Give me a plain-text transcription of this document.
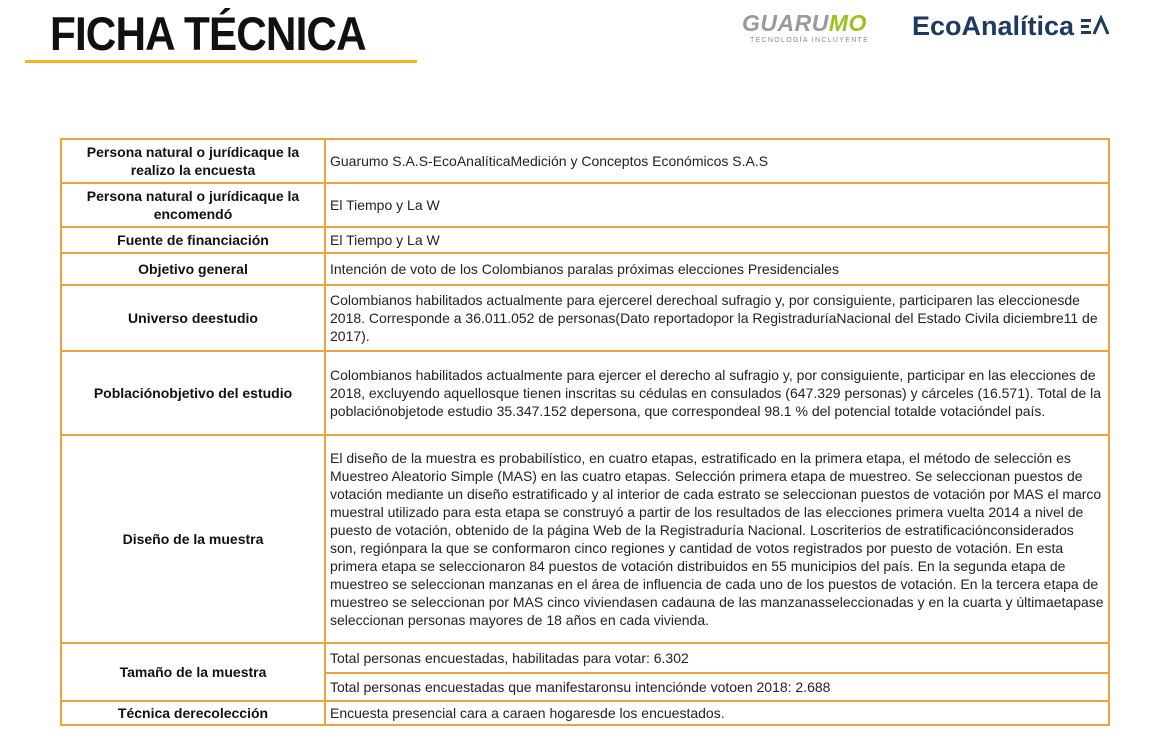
FICHA TÉCNICA	GUARUMO
TECNOLOGÍA INCLUYENTE	EcoAnalítica
Persona natural o jurídicaque la realizo la encuesta	Guarumo S.A.S-EcoAnalíticaMedición y Conceptos Económicos S.A.S
Persona natural o jurídicaque la encomendó	El Tiempo y La W
Fuente de financiación	El Tiempo y La W
Objetivo general	Intención de voto de los Colombianos paralas próximas elecciones Presidenciales
Universo deestudio	Colombianos habilitados actualmente para ejercerel derechoal sufragio y, por consiguiente, participaren las eleccionesde 2018. Corresponde a 36.011.052 de personas(Dato reportadopor la RegistraduríaNacional del Estado Civila diciembre11 de 2017).
Poblaciónobjetivo del estudio	Colombianos habilitados actualmente para ejercer el derecho al sufragio y, por consiguiente, participar en las elecciones de 2018, excluyendo aquellosque tienen inscritas su cédulas en consulados (647.329 personas) y cárceles (16.571). Total de la poblaciónobjetode estudio 35.347.152 depersona, que correspondeal 98.1 % del potencial totalde votacióndel país.
Diseño de la muestra	El diseño de la muestra es probabilístico, en cuatro etapas, estratificado en la primera etapa, el método de selección es Muestreo Aleatorio Simple (MAS) en las cuatro etapas. Selección primera etapa de muestreo. Se seleccionan puestos de votación mediante un diseño estratificado y al interior de cada estrato se seleccionan puestos de votación por MAS el marco muestral utilizado para esta etapa se construyó a partir de los resultados de las elecciones primera vuelta 2014 a nivel de puesto de votación, obtenido de la página Web de la Registraduría Nacional. Loscriterios de estratificaciónconsiderados son, regiónpara la que se conformaron cinco regiones y cantidad de votos registrados por puesto de votación. En esta primera etapa se seleccionaron 84 puestos de votación distribuidos en 55 municipios del país. En la segunda etapa de muestreo se seleccionan manzanas en el área de influencia de cada uno de los puestos de votación. En la tercera etapa de muestreo se seleccionan por MAS cinco viviendasen cadauna de las manzanasseleccionadas y en la cuarta y últimaetapase seleccionan personas mayores de 18 años en cada vivienda.
Tamaño de la muestra	Total personas encuestadas, habilitadas para votar: 6.302
	Total personas encuestadas que manifestaronsu intencióndе votoen 2018: 2.688
Técnica derecolección	Encuesta presencial cara a caraen hogaresde los encuestados.
